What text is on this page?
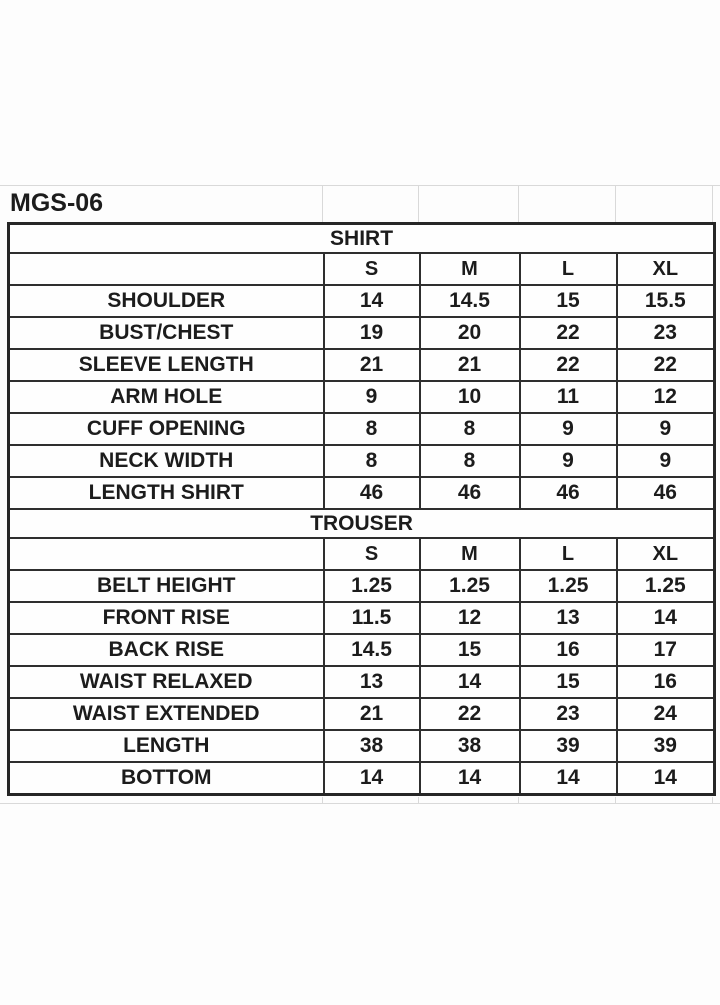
MGS-06
SHIRT				
	S	M	L	XL
SHOULDER	14	14.5	15	15.5
BUST/CHEST	19	20	22	23
SLEEVE LENGTH	21	21	22	22
ARM HOLE	9	10	11	12
CUFF OPENING	8	8	9	9
NECK WIDTH	8	8	9	9
LENGTH SHIRT	46	46	46	46
TROUSER				
	S	M	L	XL
BELT HEIGHT	1.25	1.25	1.25	1.25
FRONT RISE	11.5	12	13	14
BACK RISE	14.5	15	16	17
WAIST RELAXED	13	14	15	16
WAIST EXTENDED	21	22	23	24
LENGTH	38	38	39	39
BOTTOM	14	14	14	14
